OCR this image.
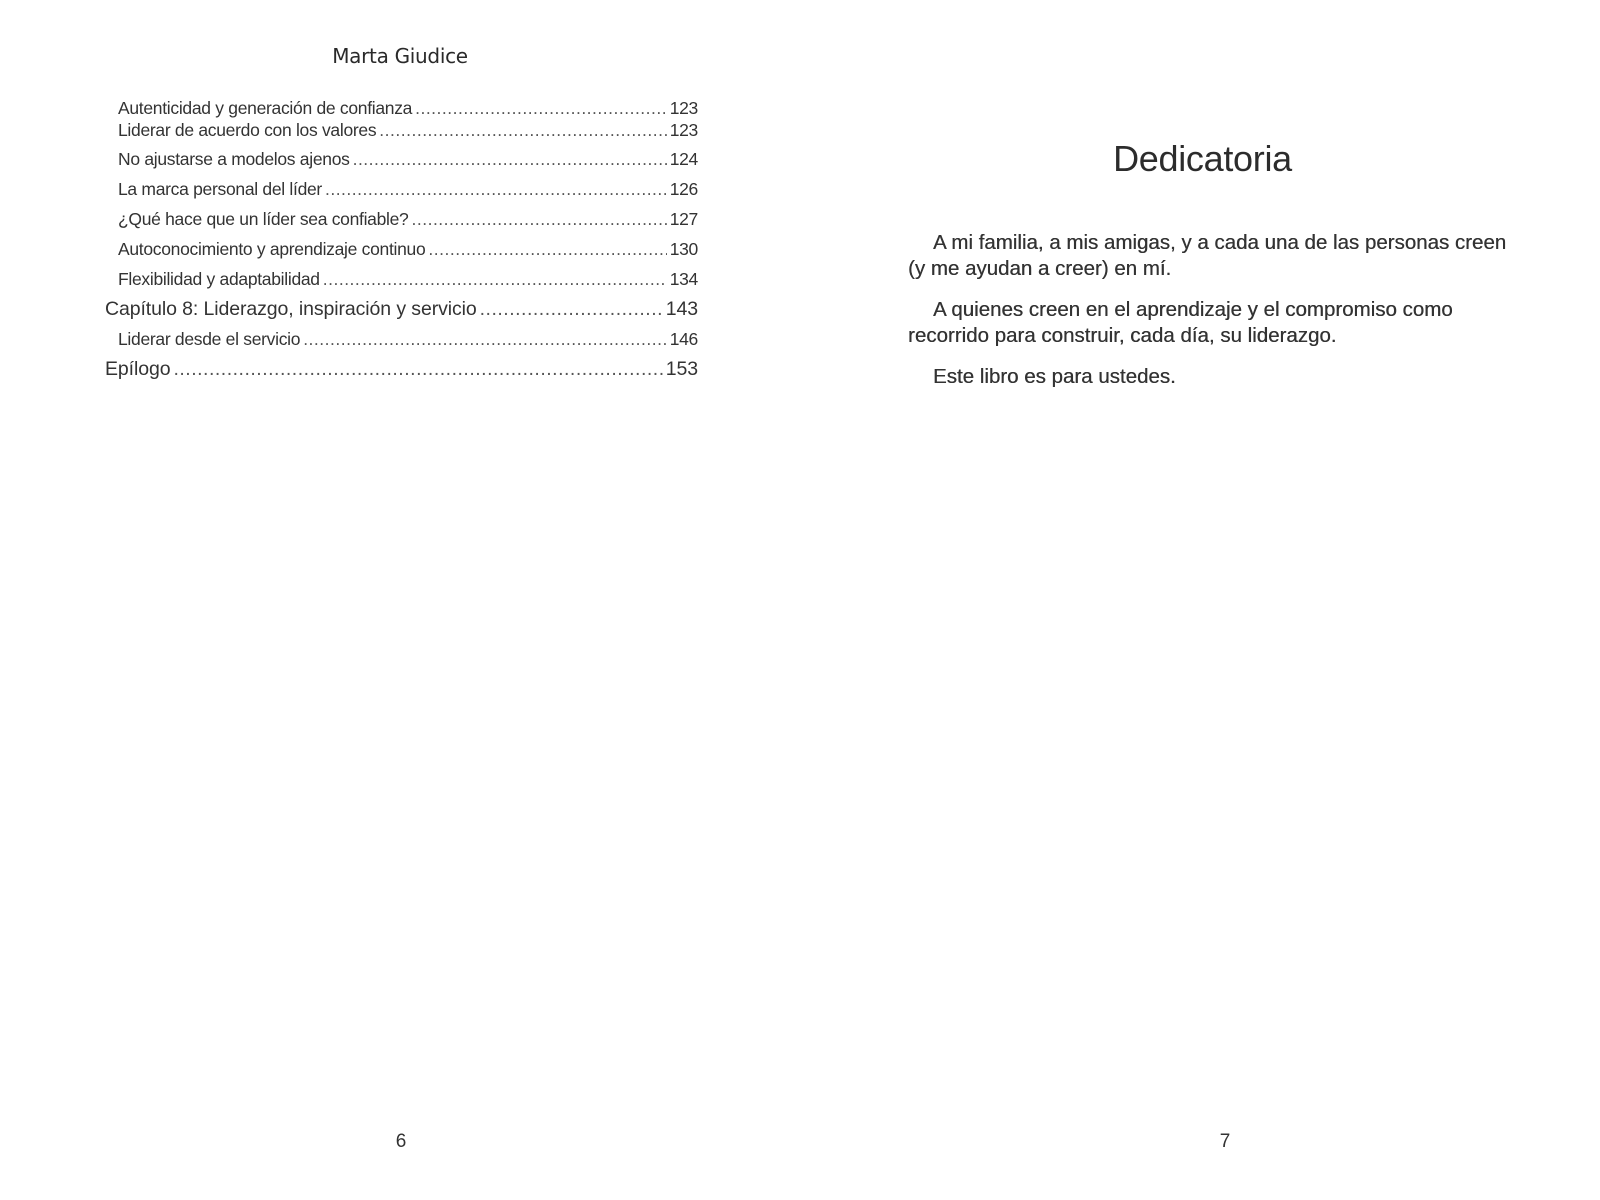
Marta Giudice
Autenticidad y generación de confianza .....	123
Liderar de acuerdo con los valores .....	123
No ajustarse a modelos ajenos .....	124
La marca personal del líder .....	126
¿Qué hace que un líder sea confiable? .....	127
Autoconocimiento y aprendizaje continuo .....	130
Flexibilidad y adaptabilidad .....	134
Capítulo 8: Liderazgo, inspiración y servicio .....	143
Liderar desde el servicio .....	146
Epílogo .....	153
6
Dedicatoria

A mi familia, a mis amigas, y a cada una de las personas creen (y me ayudan a creer) en mí.

A quienes creen en el aprendizaje y el compromiso como recorrido para construir, cada día, su liderazgo.

Este libro es para ustedes.

7
